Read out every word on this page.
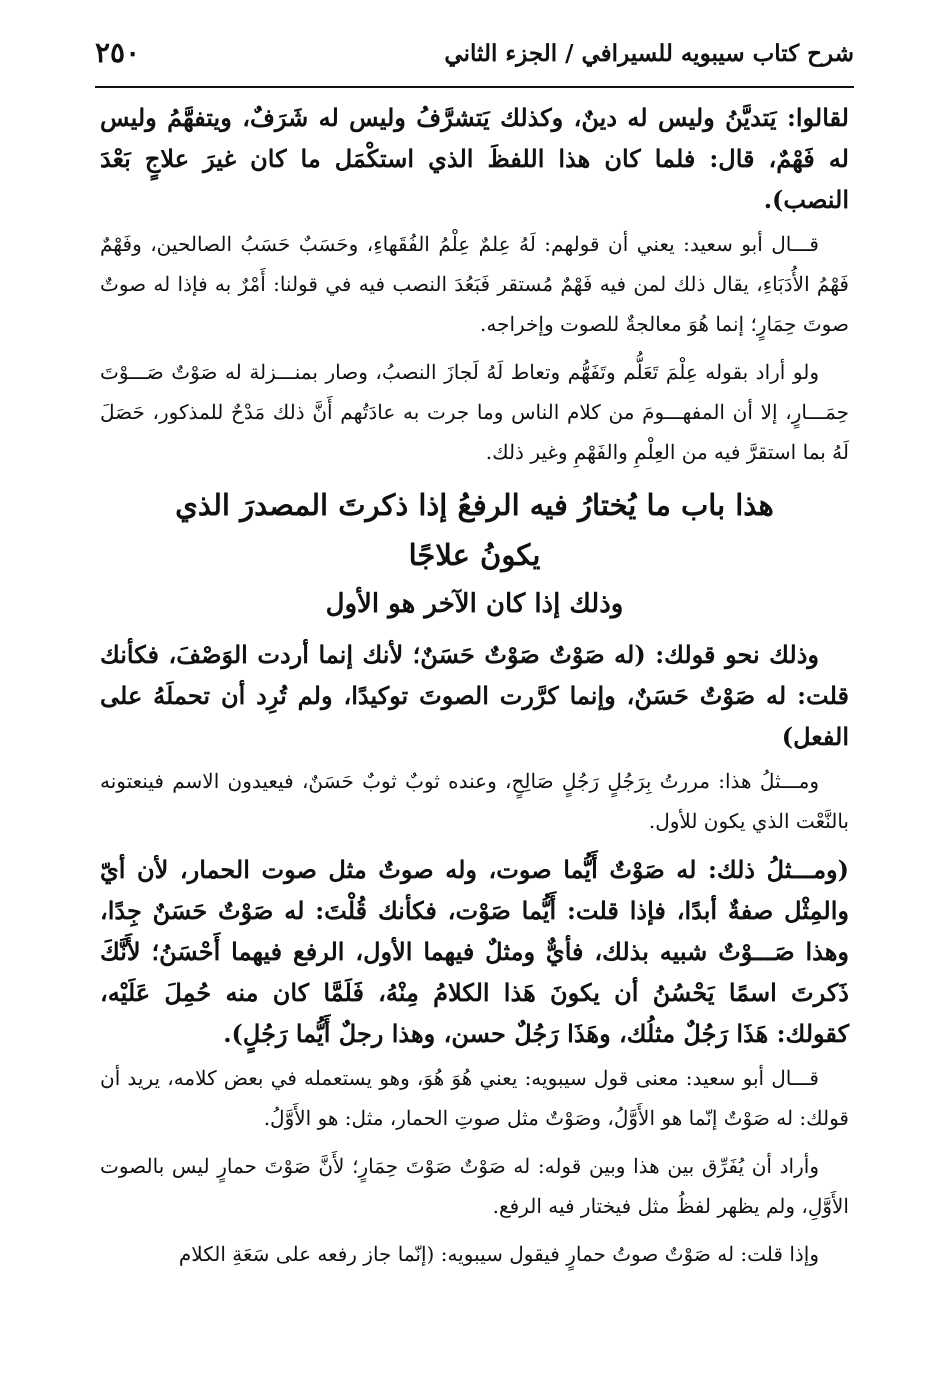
شرح كتاب سيبويه للسيرافي / الجزء الثاني
٢٥٠

لقالوا: يَتديَّنُ وليس له دينٌ، وكذلك يَتشرَّفُ وليس له شَرَفٌ، ويتفهَّمُ وليس له فَهْمٌ، قال: فلما كان هذا اللفظَ الذي استكْمَل ما كان غيرَ علاجٍ بَعْدَ النصب).

قـــال أبو سعيد: يعني أن قولهم: لَهُ عِلمٌ عِلْمُ الفُقَهاءِ، وحَسَبٌ حَسَبُ الصالحين، وفَهْمٌ فَهْمُ الأُدَبَاءِ، يقال ذلك لمن فيه فَهْمٌ مُستقر فَبَعُدَ النصب فيه في قولنا: أَمْرٌ به فإذا له صوتٌ صوتَ حِمَارٍ؛ إنما هُوَ معالجةٌ للصوت وإخراجه.

ولو أراد بقوله عِلْمَ تَعَلُّم وتَفَهُّم وتعاط لَهُ لَجازَ النصبُ، وصار بمنـــزلة له صَوْتٌ صَـــوْتَ حِمَـــارٍ، إلا أن المفهـــومَ من كلام الناس وما جرت به عادَتُهم أَنَّ ذلك مَدْحٌ للمذكور، حَصَلَ لَهُ بما استقرَّ فيه من العِلْمِ والفَهْمِ وغير ذلك.

هذا باب ما يُختارُ فيه الرفعُ إذا ذكرتَ المصدرَ الذي
يكونُ علاجًا
وذلك إذا كان الآخر هو الأول

وذلك نحو قولك: (له صَوْتٌ صَوْتٌ حَسَنٌ؛ لأنك إنما أردت الوَصْفَ، فكأنك قلت: له صَوْتٌ حَسَنٌ، وإنما كرَّرت الصوتَ توكيدًا، ولم تُرِد أن تحملَهُ على الفعل)

ومـــثلُ هذا: مررتُ بِرَجُلٍ رَجُلٍ صَالِحٍ، وعنده ثوبٌ ثوبٌ حَسَنٌ، فيعيدون الاسم فينعتونه بالنَّعْت الذي يكون للأول.

(ومـــثلُ ذلك: له صَوْتٌ أَيُّما صوت، وله صوتٌ مثل صوت الحمار، لأن أيّ والمِثْل صفةٌ أبدًا، فإذا قلت: أَيُّما صَوْت، فكأنك قُلْتَ: له صَوْتٌ حَسَنٌ جِدًا، وهذا صَـــوْتٌ شبيه بذلك، فأيٌّ ومثلٌ فيهما الأول، الرفع فيهما أَحْسَنُ؛ لأَنَّكَ ذَكرتَ اسمًا يَحْسُنُ أن يكونَ هَذا الكلامُ مِنْهُ، فَلَمَّا كان منه حُمِلَ عَلَيْه، كقولك: هَذَا رَجُلٌ مثلُك، وهَذَا رَجُلٌ حسن، وهذا رجلٌ أَيُّما رَجُلٍ).

قـــال أبو سعيد: معنى قول سيبويه: يعني هُوَ هُوَ، وهو يستعمله في بعض كلامه، يريد أن قولك: له صَوْتٌ إنّما هو الأَوَّلُ، وصَوْتٌ مثل صوتِ الحمار، مثل: هو الأَوَّلُ.

وأراد أن يُفَرِّق بين هذا وبين قوله: له صَوْتٌ صَوْتَ حِمَارٍ؛ لأَنَّ صَوْتَ حمارٍ ليس بالصوت الأَوَّلِ، ولم يظهر لفظُ مثل فيختار فيه الرفع.

وإذا قلت: له صَوْتٌ صوتُ حمارٍ فيقول سيبويه: (إنّما جاز رفعه على سَعَةِ الكلام
